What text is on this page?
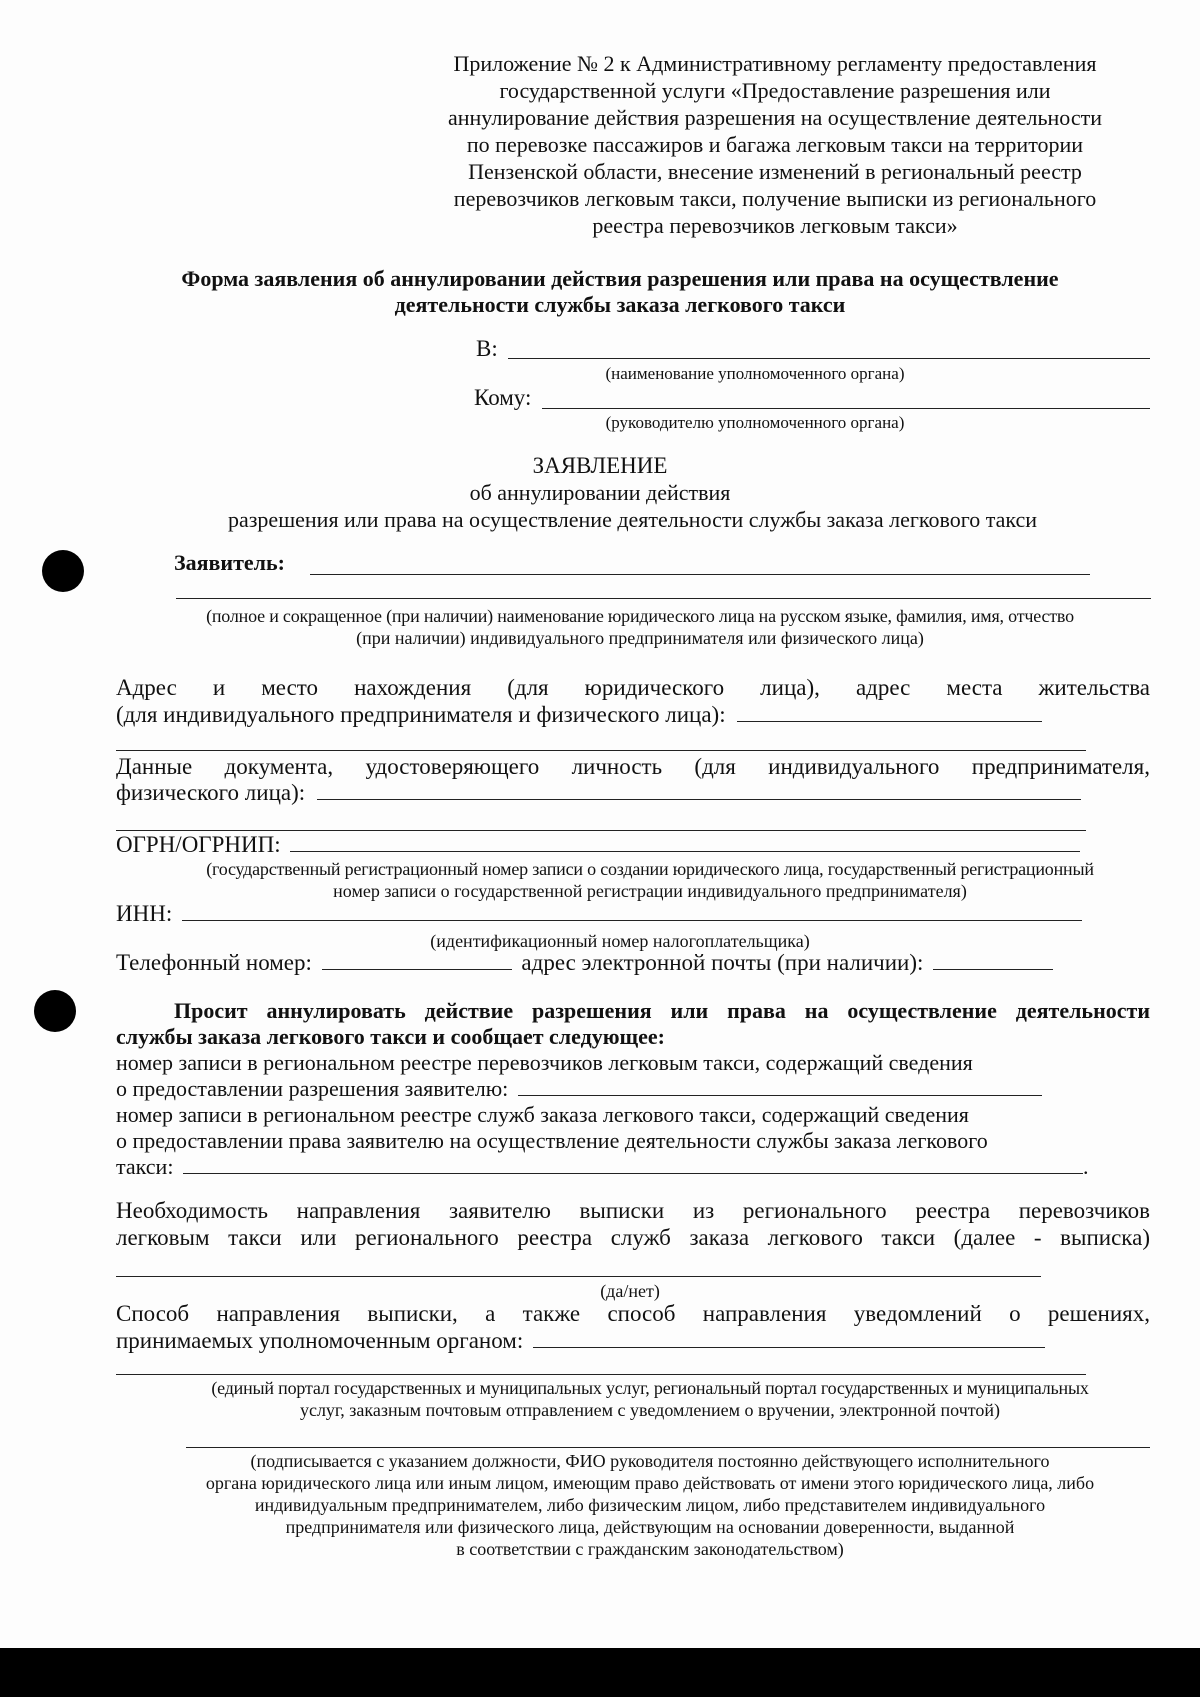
Приложение № 2 к Административному регламенту предоставления
государственной услуги «Предоставление разрешения или
аннулирование действия разрешения на осуществление деятельности
по перевозке пассажиров и багажа легковым такси на территории
Пензенской области, внесение изменений в региональный реестр
перевозчиков легковым такси, получение выписки из регионального
реестра перевозчиков легковым такси»
Форма заявления об аннулировании действия разрешения или права на осуществление
деятельности службы заказа легкового такси
В:
(наименование уполномоченного органа)
Кому:
(руководителю уполномоченного органа)
ЗАЯВЛЕНИЕ
об аннулировании действия
разрешения или права на осуществление деятельности службы заказа легкового такси
Заявитель:
(полное и сокращенное (при наличии) наименование юридического лица на русском языке, фамилия, имя, отчество
(при наличии) индивидуального предпринимателя или физического лица)
Адрес и место нахождения (для юридического лица), адрес места жительства
(для индивидуального предпринимателя и физического лица):
Данные документа, удостоверяющего личность (для индивидуального предпринимателя,
физического лица):
ОГРН/ОГРНИП:
(государственный регистрационный номер записи о создании юридического лица, государственный регистрационный
номер записи о государственной регистрации индивидуального предпринимателя)
ИНН:
(идентификационный номер налогоплательщика)
Телефонный номер:	адрес электронной почты (при наличии):
Просит аннулировать действие разрешения или права на осуществление деятельности
службы заказа легкового такси и сообщает следующее:
номер записи в региональном реестре перевозчиков легковым такси, содержащий сведения
о предоставлении разрешения заявителю:
номер записи в региональном реестре служб заказа легкового такси, содержащий сведения
о предоставлении права заявителю на осуществление деятельности службы заказа легкового
такси:	.
Необходимость направления заявителю выписки из регионального реестра перевозчиков
легковым такси или регионального реестра служб заказа легкового такси (далее - выписка)
(да/нет)
Способ направления выписки, а также способ направления уведомлений о решениях,
принимаемых уполномоченным органом:
(единый портал государственных и муниципальных услуг, региональный портал государственных и муниципальных
услуг, заказным почтовым отправлением с уведомлением о вручении, электронной почтой)
(подписывается с указанием должности, ФИО руководителя постоянно действующего исполнительного
органа юридического лица или иным лицом, имеющим право действовать от имени этого юридического лица, либо
индивидуальным предпринимателем, либо физическим лицом, либо представителем индивидуального
предпринимателя или физического лица, действующим на основании доверенности, выданной
в соответствии с гражданским законодательством)
